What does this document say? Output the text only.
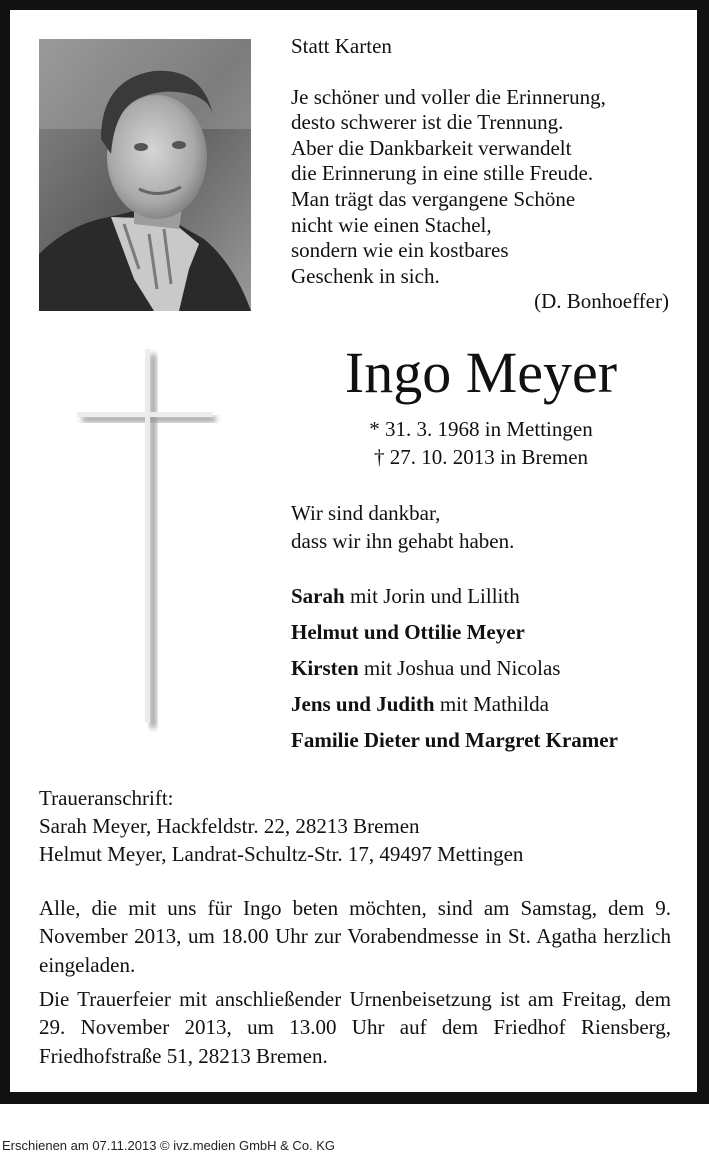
Statt Karten
Je schöner und voller die Erinnerung,
desto schwerer ist die Trennung.
Aber die Dankbarkeit verwandelt
die Erinnerung in eine stille Freude.
Man trägt das vergangene Schöne
nicht wie einen Stachel,
sondern wie ein kostbares
Geschenk in sich.
(D. Bonhoeffer)
Ingo Meyer
* 31. 3. 1968 in Mettingen
† 27. 10. 2013 in Bremen
Wir sind dankbar,
dass wir ihn gehabt haben.
Sarah mit Jorin und Lillith
Helmut und Ottilie Meyer
Kirsten mit Joshua und Nicolas
Jens und Judith mit Mathilda
Familie Dieter und Margret Kramer
Traueranschrift:
Sarah Meyer, Hackfeldstr. 22, 28213 Bremen
Helmut Meyer, Landrat-Schultz-Str. 17, 49497 Mettingen
Alle, die mit uns für Ingo beten möchten, sind am Samstag, dem 9. November 2013, um 18.00 Uhr zur Vorabendmesse in St. Agatha herzlich eingeladen.
Die Trauerfeier mit anschließender Urnenbeisetzung ist am Freitag, dem 29. November 2013, um 13.00 Uhr auf dem Friedhof Riensberg, Friedhofstraße 51, 28213 Bremen.
Erschienen am 07.11.2013 © ivz.medien GmbH & Co. KG
